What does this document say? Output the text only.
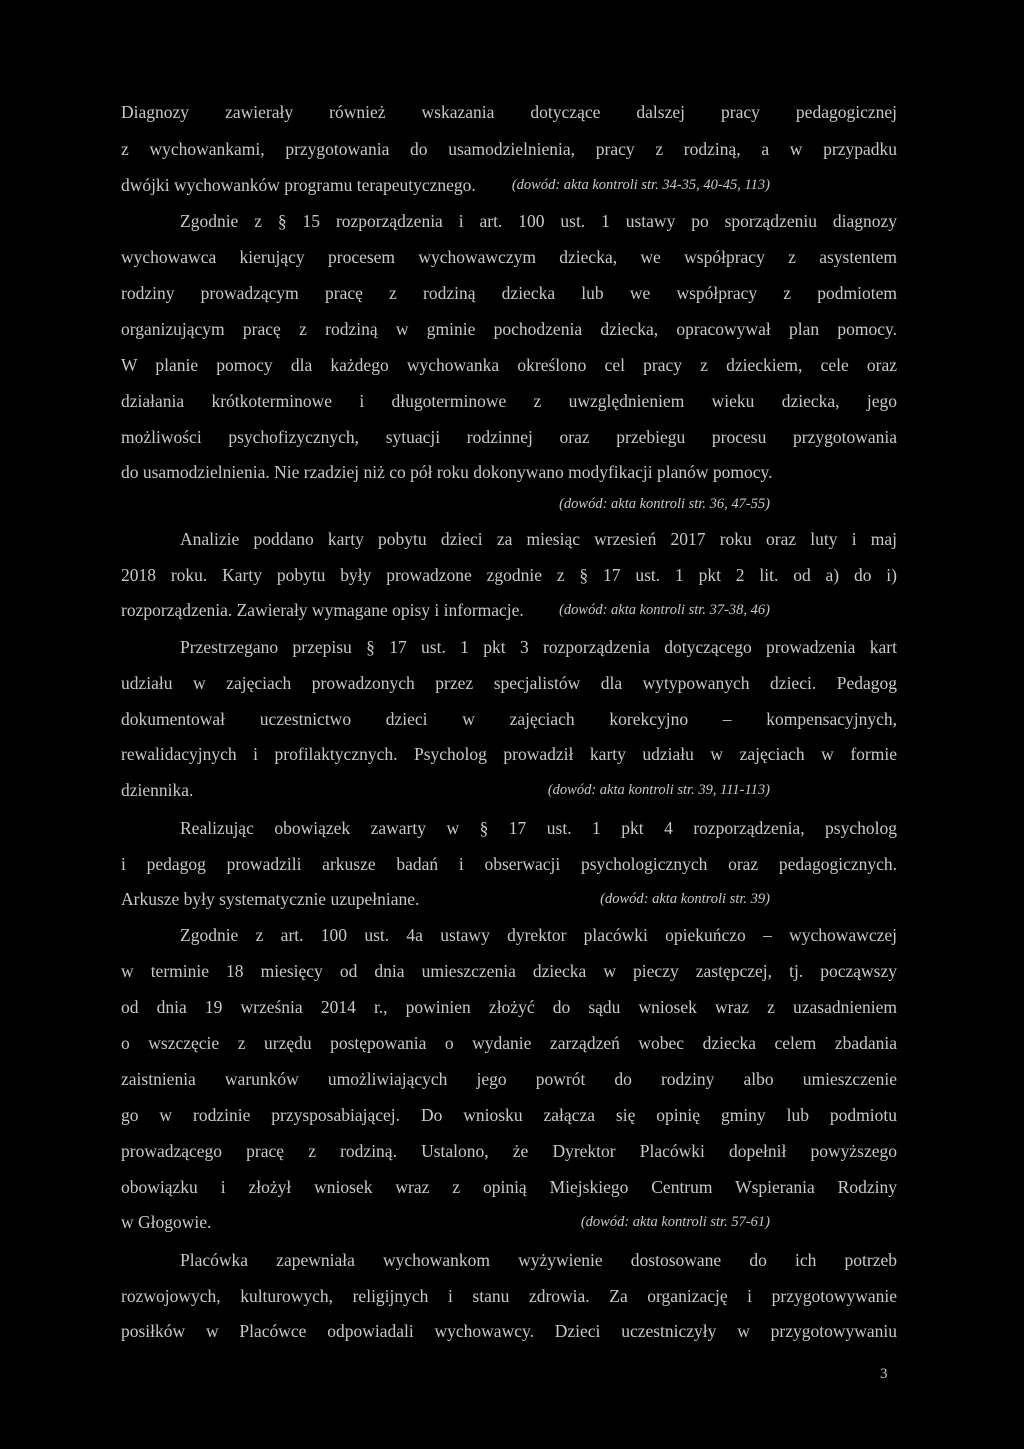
Diagnozy zawierały również wskazania dotyczące dalszej pracy pedagogicznej
z wychowankami, przygotowania do usamodzielnienia, pracy z rodziną, a w przypadku
dwójki wychowanków programu terapeutycznego. (dowód: akta kontroli str. 34-35, 40-45, 113)
Zgodnie z § 15 rozporządzenia i art. 100 ust. 1 ustawy po sporządzeniu diagnozy
wychowawca kierujący procesem wychowawczym dziecka, we współpracy z asystentem
rodziny prowadzącym pracę z rodziną dziecka lub we współpracy z podmiotem
organizującym pracę z rodziną w gminie pochodzenia dziecka, opracowywał plan pomocy.
W planie pomocy dla każdego wychowanka określono cel pracy z dzieckiem, cele oraz
działania krótkoterminowe i długoterminowe z uwzględnieniem wieku dziecka, jego
możliwości psychofizycznych, sytuacji rodzinnej oraz przebiegu procesu przygotowania
do usamodzielnienia. Nie rzadziej niż co pół roku dokonywano modyfikacji planów pomocy.
(dowód: akta kontroli str. 36, 47-55)
Analizie poddano karty pobytu dzieci za miesiąc wrzesień 2017 roku oraz luty i maj
2018 roku. Karty pobytu były prowadzone zgodnie z § 17 ust. 1 pkt 2 lit. od a) do i)
rozporządzenia. Zawierały wymagane opisy i informacje. (dowód: akta kontroli str. 37-38, 46)
Przestrzegano przepisu § 17 ust. 1 pkt 3 rozporządzenia dotyczącego prowadzenia kart
udziału w zajęciach prowadzonych przez specjalistów dla wytypowanych dzieci. Pedagog
dokumentował uczestnictwo dzieci w zajęciach korekcyjno – kompensacyjnych,
rewalidacyjnych i profilaktycznych. Psycholog prowadził karty udziału w zajęciach w formie
dziennika.	(dowód: akta kontroli str. 39, 111-113)
Realizując obowiązek zawarty w § 17 ust. 1 pkt 4 rozporządzenia, psycholog
i pedagog prowadzili arkusze badań i obserwacji psychologicznych oraz pedagogicznych.
Arkusze były systematycznie uzupełniane.	(dowód: akta kontroli str. 39)
Zgodnie z art. 100 ust. 4a ustawy dyrektor placówki opiekuńczo – wychowawczej
w terminie 18 miesięcy od dnia umieszczenia dziecka w pieczy zastępczej, tj. począwszy
od dnia 19 września 2014 r., powinien złożyć do sądu wniosek wraz z uzasadnieniem
o wszczęcie z urzędu postępowania o wydanie zarządzeń wobec dziecka celem zbadania
zaistnienia warunków umożliwiających jego powrót do rodziny albo umieszczenie
go w rodzinie przysposabiającej. Do wniosku załącza się opinię gminy lub podmiotu
prowadzącego pracę z rodziną. Ustalono, że Dyrektor Placówki dopełnił powyższego
obowiązku i złożył wniosek wraz z opinią Miejskiego Centrum Wspierania Rodziny
w Głogowie.	(dowód: akta kontroli str. 57-61)
Placówka zapewniała wychowankom wyżywienie dostosowane do ich potrzeb
rozwojowych, kulturowych, religijnych i stanu zdrowia. Za organizację i przygotowywanie
posiłków w Placówce odpowiadali wychowawcy. Dzieci uczestniczyły w przygotowywaniu
3
